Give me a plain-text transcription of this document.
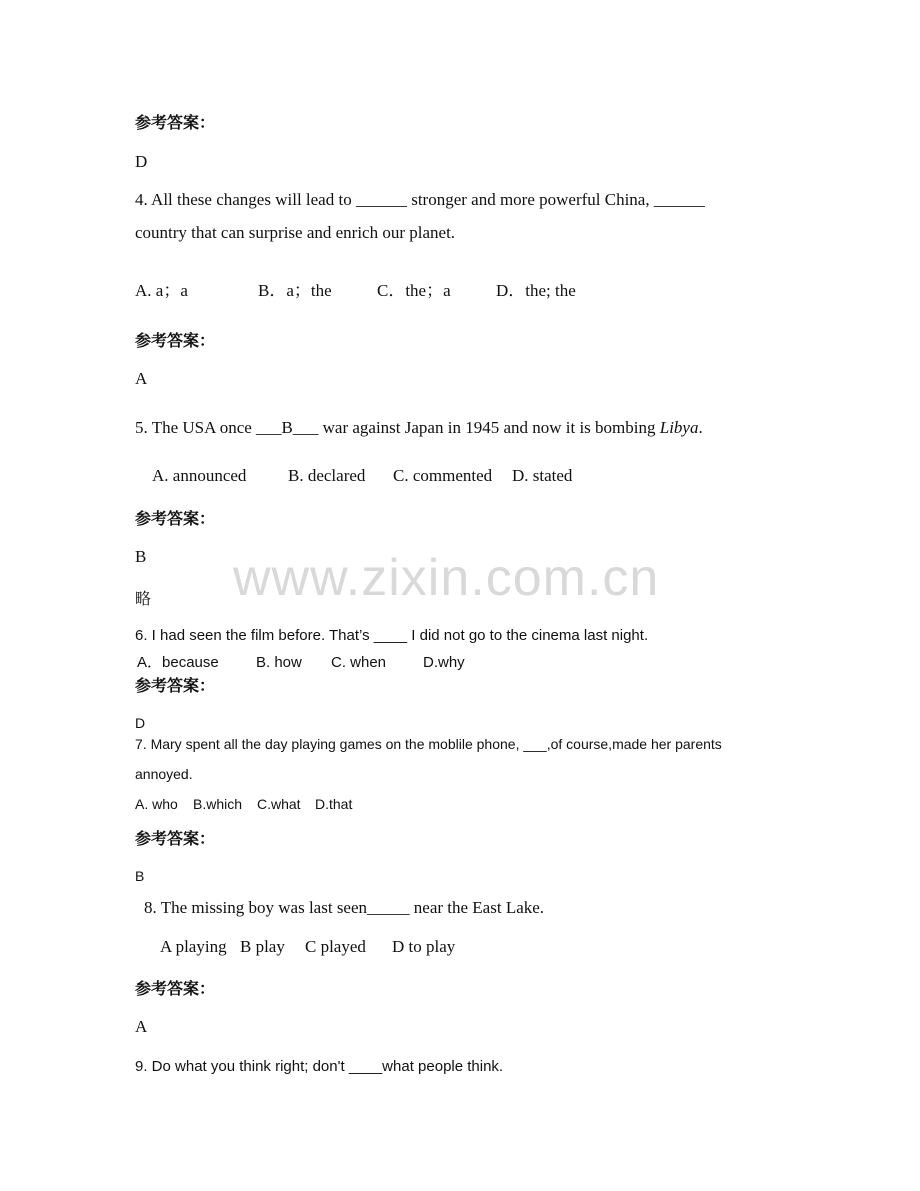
参考答案：
D
4. All these changes will lead to ______ stronger and more powerful China, ______
country that can surprise and enrich our planet.
A. a；a	B．a；the	C．the；a	D．the; the
参考答案：
A
5. The USA once ___B___ war against Japan in 1945 and now it is bombing Libya.
A. announced B. declared C. commented D. stated
参考答案：
B
略 www.zixin.com.cn
6. I had seen the film before. That’s ____ I did not go to the cinema last night.
A．because B. how C. when D.why
参考答案：
D
7. Mary spent all the day playing games on the moblile phone, ___,of course,made her parents
annoyed.
A. who B.which C.what D.that
参考答案：
B
8. The missing boy was last seen_____ near the East Lake.
A playing B play C played D to play
参考答案：
A
9. Do what you think right; don't ____what people think.
